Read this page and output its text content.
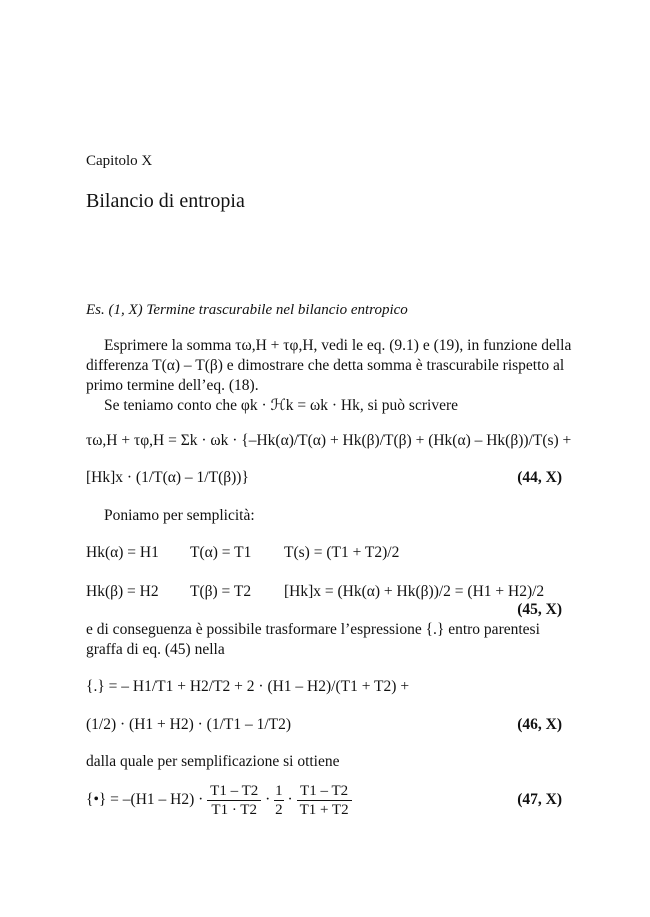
Capitolo X
Bilancio di entropia
Es. (1, X) Termine trascurabile nel bilancio entropico
Esprimere la somma τω,H + τφ,H, vedi le eq. (9.1) e (19), in funzione della
differenza T(α) – T(β) e dimostrare che detta somma è trascurabile rispetto al
primo termine dell’eq. (18).
Se teniamo conto che φk · ℋk = ωk · Hk, si può scrivere
τω,H + τφ,H = Σk · ωk · {–Hk(α)/T(α) + Hk(β)/T(β) + (Hk(α) – Hk(β))/T(s) +
[Hk]x · (1/T(α) – 1/T(β))}	(44, X)
Poniamo per semplicità:
Hk(α) = H1 T(α) = T1 T(s) = (T1 + T2)/2
Hk(β) = H2 T(β) = T2 [Hk]x = (Hk(α) + Hk(β))/2 = (H1 + H2)/2
(45, X)
e di conseguenza è possibile trasformare l’espressione {.} entro parentesi
graffa di eq. (45) nella
{.} = – H1/T1 + H2/T2 + 2 · (H1 – H2)/(T1 + T2) +
(1/2) · (H1 + H2) · (1/T1 – 1/T2)	(46, X)
dalla quale per semplificazione si ottiene
{•} = $-(H1 - H2) \cdot \frac{T1 - T2}{T1 \cdot T2} \cdot \frac{1}{2} \cdot \frac{T1 - T2}{T1 + T2}$	(47, X)
